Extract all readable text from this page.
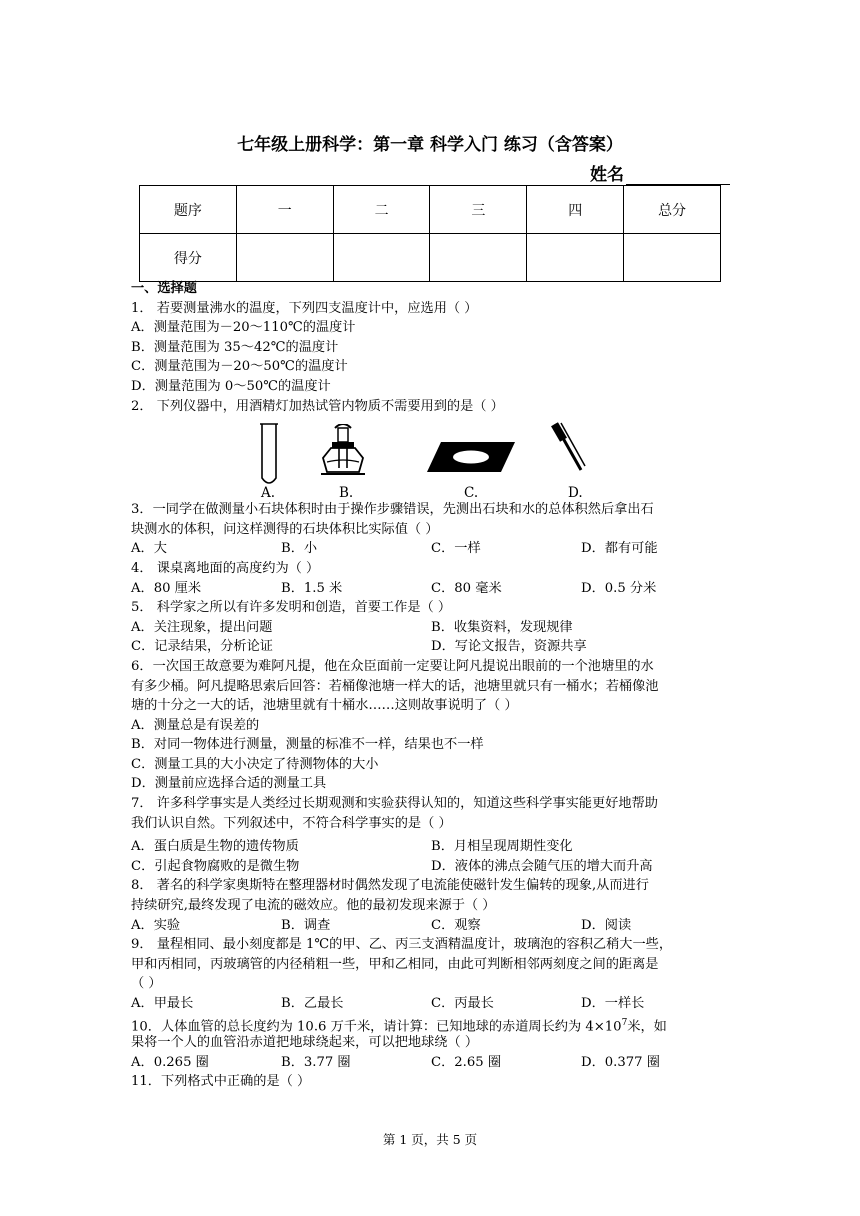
七年级上册科学：第一章 科学入门 练习（含答案）
姓名
题序	一	二	三	四	总分
得分					
一、选择题
1． 若要测量沸水的温度，下列四支温度计中，应选用（ ）
A．测量范围为－20～110℃的温度计
B．测量范围为 35～42℃的温度计
C．测量范围为－20～50℃的温度计
D．测量范围为 0～50℃的温度计
2． 下列仪器中，用酒精灯加热试管内物质不需要用到的是（ ）
A.	B.	C.	D.
3．一同学在做测量小石块体积时由于操作步骤错误，先测出石块和水的总体积然后拿出石
块测水的体积，问这样测得的石块体积比实际值（ ）
A．大	B．小	C．一样	D．都有可能
4． 课桌离地面的高度约为（ ）
A．80 厘米	B．1.5 米	C．80 毫米	D．0.5 分米
5． 科学家之所以有许多发明和创造，首要工作是（ ）
A．关注现象，提出问题	B．收集资料，发现规律
C．记录结果，分析论证	D．写论文报告，资源共享
6．一次国王故意要为难阿凡提，他在众臣面前一定要让阿凡提说出眼前的一个池塘里的水
有多少桶。阿凡提略思索后回答：若桶像池塘一样大的话，池塘里就只有一桶水；若桶像池
塘的十分之一大的话，池塘里就有十桶水……这则故事说明了（ ）
A．测量总是有误差的
B．对同一物体进行测量，测量的标准不一样，结果也不一样
C．测量工具的大小决定了待测物体的大小
D．测量前应选择合适的测量工具
7． 许多科学事实是人类经过长期观测和实验获得认知的，知道这些科学事实能更好地帮助
我们认识自然。下列叙述中，不符合科学事实的是（ ）
A．蛋白质是生物的遗传物质	B．月相呈现周期性变化
C．引起食物腐败的是微生物	D．液体的沸点会随气压的增大而升高
8． 著名的科学家奥斯特在整理器材时偶然发现了电流能使磁针发生偏转的现象,从而进行
持续研究,最终发现了电流的磁效应。他的最初发现来源于（ ）
A．实验	B．调查	C．观察	D．阅读
9． 量程相同、最小刻度都是 1℃的甲、乙、丙三支酒精温度计，玻璃泡的容积乙稍大一些，
甲和丙相同，丙玻璃管的内径稍粗一些，甲和乙相同，由此可判断相邻两刻度之间的距离是
（ ）
A．甲最长	B．乙最长	C．丙最长	D．一样长
10．人体血管的总长度约为 10.6 万千米，请计算：已知地球的赤道周长约为 $4\times 10^7$米，如
果将一个人的血管沿赤道把地球绕起来，可以把地球绕（ ）
A．0.265 圈	B．3.77 圈	C．2.65 圈	D．0.377 圈
11．下列格式中正确的是（ ）
第 1 页，共 5 页
